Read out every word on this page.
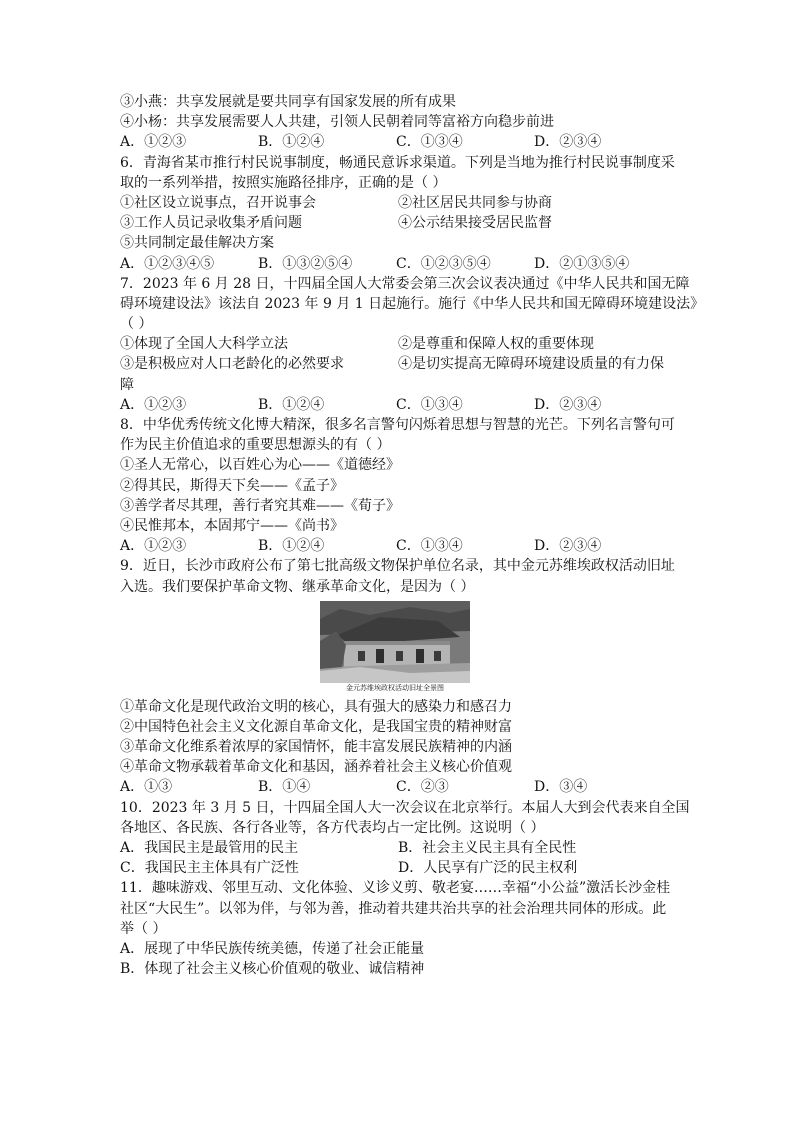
③小燕：共享发展就是要共同享有国家发展的所有成果
④小杨：共享发展需要人人共建，引领人民朝着同等富裕方向稳步前进
A．①②③	B．①②④	C．①③④	D．②③④
6．青海省某市推行村民说事制度，畅通民意诉求渠道。下列是当地为推行村民说事制度采
取的一系列举措，按照实施路径排序，正确的是（ ）
①社区设立说事点，召开说事会	②社区居民共同参与协商
③工作人员记录收集矛盾问题	④公示结果接受居民监督
⑤共同制定最佳解决方案
A．①②③④⑤	B．①③②⑤④	C．①②③⑤④	D．②①③⑤④
7．2023 年 6 月 28 日，十四届全国人大常委会第三次会议表决通过《中华人民共和国无障
碍环境建设法》该法自 2023 年 9 月 1 日起施行。施行《中华人民共和国无障碍环境建设法》
（ ）
①体现了全国人大科学立法	②是尊重和保障人权的重要体现
③是积极应对人口老龄化的必然要求	④是切实提高无障碍环境建设质量的有力保
障
A．①②③	B．①②④	C．①③④	D．②③④
8．中华优秀传统文化博大精深，很多名言警句闪烁着思想与智慧的光芒。下列名言警句可
作为民主价值追求的重要思想源头的有（ ）
①圣人无常心，以百姓心为心——《道德经》
②得其民，斯得天下矣——《孟子》
③善学者尽其理，善行者究其难——《荀子》
④民惟邦本，本固邦宁——《尚书》
A．①②③	B．①②④	C．①③④	D．②③④
9．近日，长沙市政府公布了第七批高级文物保护单位名录，其中金元苏维埃政权活动旧址
入选。我们要保护革命文物、继承革命文化，是因为（ ）
金元苏维埃政权活动旧址全景图
①革命文化是现代政治文明的核心，具有强大的感染力和感召力
②中国特色社会主义文化源自革命文化，是我国宝贵的精神财富
③革命文化维系着浓厚的家国情怀，能丰富发展民族精神的内涵
④革命文物承载着革命文化和基因，涵养着社会主义核心价值观
A．①③	B．①④	C．②③	D．③④
10．2023 年 3 月 5 日，十四届全国人大一次会议在北京举行。本届人大到会代表来自全国
各地区、各民族、各行各业等，各方代表均占一定比例。这说明（ ）
A．我国民主是最管用的民主	B．社会主义民主具有全民性
C．我国民主主体具有广泛性	D．人民享有广泛的民主权利
11．趣味游戏、邻里互动、文化体验、义诊义剪、敬老宴……幸福“小公益”激活长沙金桂
社区“大民生”。以邻为伴，与邻为善，推动着共建共治共享的社会治理共同体的形成。此
举（ ）
A．展现了中华民族传统美德，传递了社会正能量
B．体现了社会主义核心价值观的敬业、诚信精神
